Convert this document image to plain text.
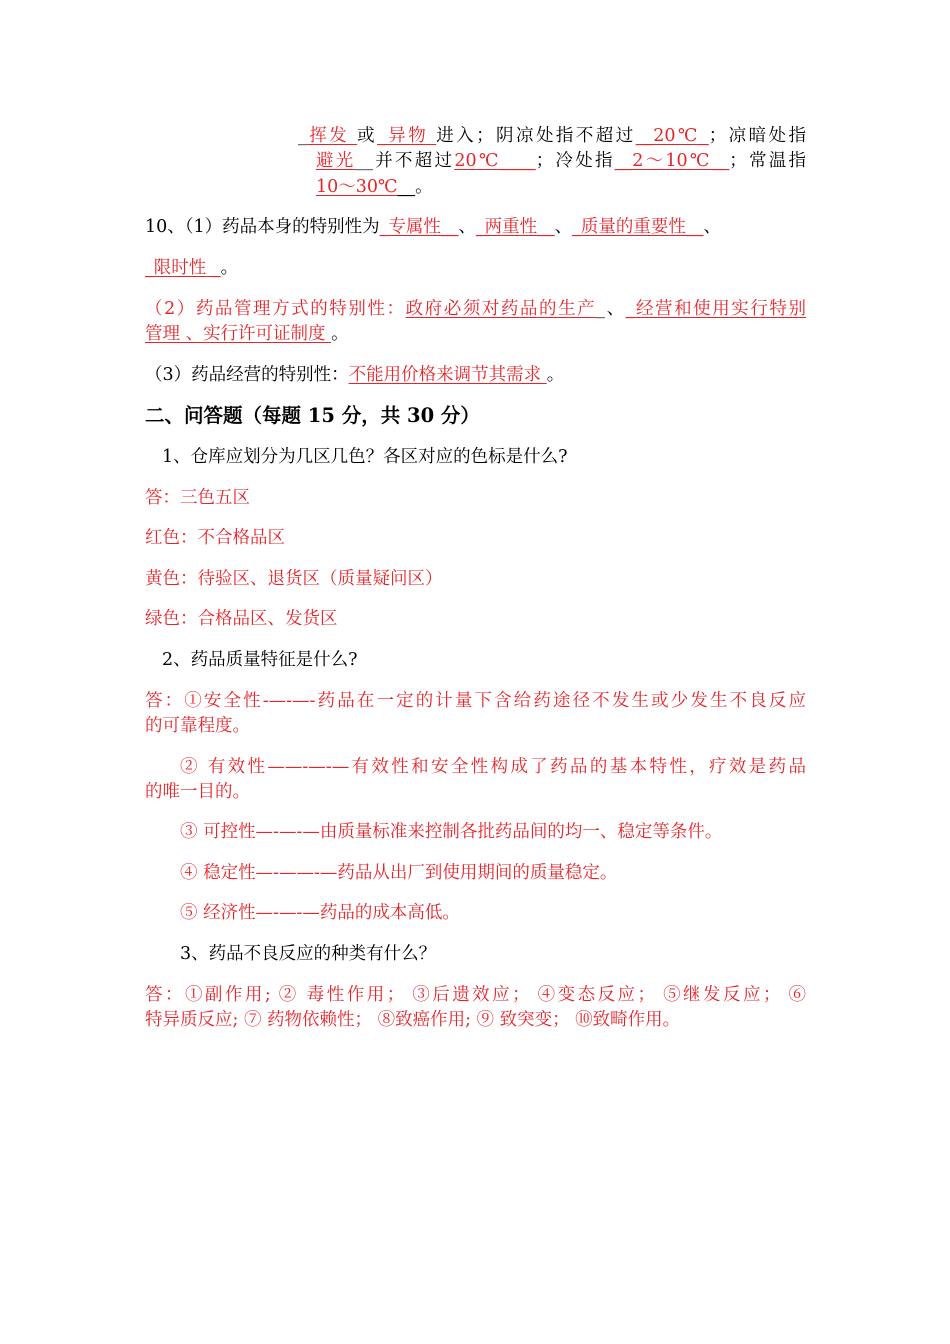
_挥发 或_异物 进入；阴凉处指不超过__20℃_；凉暗处指
避光__并不超过20℃____；冷处指__2～10℃__；常温指
10～30℃__。
10、（1）药品本身的特别性为_专属性__、_两重性__、_质量的重要性__、
_限时性 _。
（2）药品管理方式的特别性：政府必须对药品的生产_、_经营和使用实行特别
管理 、实行许可证制度 。
（3）药品经营的特别性：不能用价格来调节其需求 。
二、问答题（每题 15 分，共 30 分）
1、仓库应划分为几区几色？各区对应的色标是什么?
答：三色五区
红色：不合格品区
黄色：待验区、退货区（质量疑问区）
绿色：合格品区、发货区
2、药品质量特征是什么?
答：①安全性-—-—-药品在一定的计量下含给药途径不发生或少发生不良反应
的可靠程度。
② 有效性——-—-—有效性和安全性构成了药品的基本特性，疗效是药品
的唯一目的。
③ 可控性—-—-—由质量标准来控制各批药品间的均一、稳定等条件。
④ 稳定性—-——-—药品从出厂到使用期间的质量稳定。
⑤ 经济性—-—-—药品的成本高低。
3、药品不良反应的种类有什么？
答：①副作用; ② 毒性作用； ③后遗效应； ④变态反应； ⑤继发反应； ⑥
特异质反应; ⑦ 药物依赖性； ⑧致癌作用; ⑨ 致突变； ⑩致畸作用。
